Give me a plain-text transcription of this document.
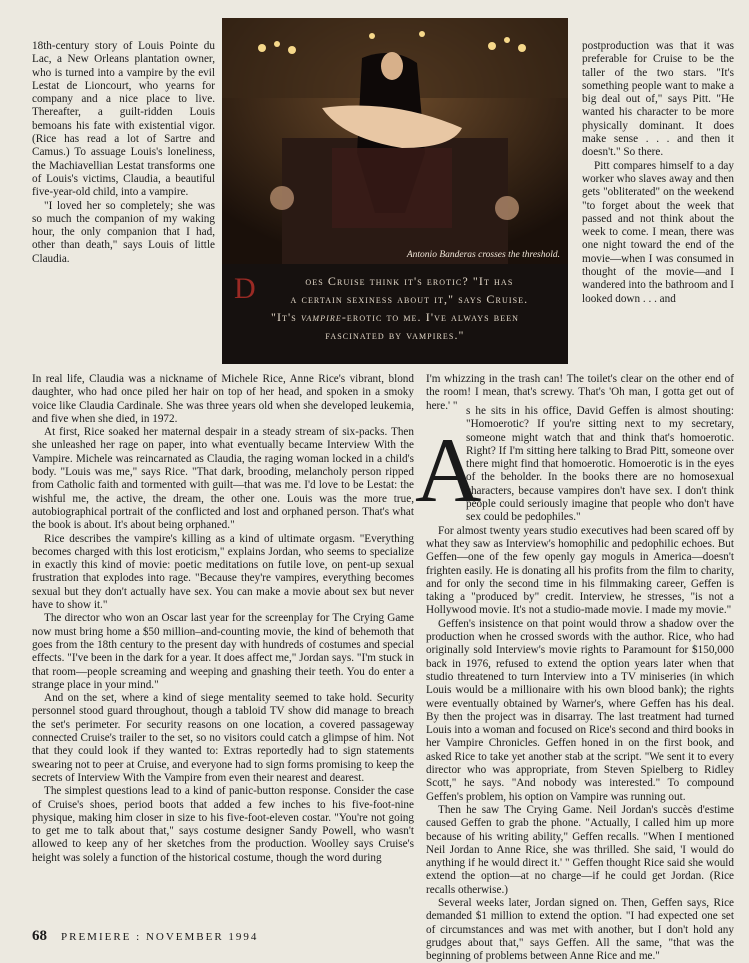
18th-century story of Louis Pointe du Lac, a New Orleans plantation owner, who is turned into a vampire by the evil Lestat de Lioncourt, who yearns for company and a nice place to live. Thereafter, a guilt-ridden Louis bemoans his fate with existential vigor. (Rice has read a lot of Sartre and Camus.) To assuage Louis's loneliness, the Machiavellian Lestat transforms one of Louis's victims, Claudia, a beautiful five-year-old child, into a vampire.

"I loved her so completely; she was so much the companion of my waking hour, the only companion that I had, other than death," says Louis of little Claudia.	Antonio Banderas crosses the threshold.
D	oes Cruise think it's erotic? "It has
a certain sexiness about it," says Cruise.
"It's vampire-erotic to me. I've always been
fascinated by vampires."

postproduction was that it was preferable for Cruise to be the taller of the two stars. "It's something people want to make a big deal out of," says Pitt. "He wanted his character to be more physically dominant. It does make sense . . . and then it doesn't." So there.

Pitt compares himself to a day worker who slaves away and then gets "obliterated" on the weekend "to forget about the week that passed and not think about the week to come. I mean, there was one night toward the end of the movie—when I was consumed in thought of the movie—and I wandered into the bathroom and I looked down . . . and

In real life, Claudia was a nickname of Michele Rice, Anne Rice's vibrant, blond daughter, who had once piled her hair on top of her head, and spoken in a smoky voice like Claudia Cardinale. She was three years old when she developed leukemia, and five when she died, in 1972.

At first, Rice soaked her maternal despair in a steady stream of six-packs. Then she unleashed her rage on paper, into what eventually became Interview With the Vampire. Michele was reincarnated as Claudia, the raging woman locked in a child's body. "Louis was me," says Rice. "That dark, brooding, melancholy person ripped from Catholic faith and tormented with guilt—that was me. I'd love to be Lestat: the wishful me, the active, the dream, the other one. Louis was the more true, autobiographical portrait of the conflicted and lost and orphaned person. That's what the book is about. It's about being orphaned."

Rice describes the vampire's killing as a kind of ultimate orgasm. "Everything becomes charged with this lost eroticism," explains Jordan, who seems to specialize in exactly this kind of movie: poetic meditations on futile love, on pent-up sexual frustration that explodes into rage. "Because they're vampires, everything becomes sexual but they don't actually have sex. You can make a movie about sex but never have to show it."

The director who won an Oscar last year for the screenplay for The Crying Game now must bring home a $50 million–and-counting movie, the kind of behemoth that goes from the 18th century to the present day with hundreds of costumes and special effects. "I've been in the dark for a year. It does affect me," Jordan says. "I'm stuck in that room—people screaming and weeping and gnashing their teeth. You do enter a strange place in your mind."

And on the set, where a kind of siege mentality seemed to take hold. Security personnel stood guard throughout, though a tabloid TV show did manage to breach the set's perimeter. For security reasons on one location, a covered passageway connected Cruise's trailer to the set, so no visitors could catch a glimpse of him. Not that they could look if they wanted to: Extras reportedly had to sign statements swearing not to peer at Cruise, and everyone had to sign forms promising to keep the secrets of Interview With the Vampire from even their nearest and dearest.

The simplest questions lead to a kind of panic-button response. Consider the case of Cruise's shoes, period boots that added a few inches to his five-foot-nine physique, making him closer in size to his five-foot-eleven costar. "You're not going to get me to talk about that," says costume designer Sandy Powell, who wasn't allowed to keep any of her sketches from the production. Woolley says Cruise's height was solely a function of the historical costume, though the word during

I'm whizzing in the trash can! The toilet's clear on the other end of the room! I mean, that's screwy. That's 'Oh man, I gotta get out of here.' "

A

s he sits in his office, David Geffen is almost shouting: "Homoerotic? If you're sitting next to my secretary, someone might watch that and think that's homoerotic. Right? If I'm sitting here talking to Brad Pitt, someone over there might find that homoerotic. Homoerotic is in the eyes of the beholder. In the books there are no homosexual characters, because vampires don't have sex. I don't think people could seriously imagine that people who don't have sex could be pedophiles."

For almost twenty years studio executives had been scared off by what they saw as Interview's homophilic and pedophilic echoes. But Geffen—one of the few openly gay moguls in America—doesn't frighten easily. He is donating all his profits from the film to charity, and for only the second time in his filmmaking career, Geffen is taking a "produced by" credit. Interview, he stresses, "is not a Hollywood movie. It's not a studio-made movie. I made my movie."

Geffen's insistence on that point would throw a shadow over the production when he crossed swords with the author. Rice, who had originally sold Interview's movie rights to Paramount for $150,000 back in 1976, refused to extend the option years later when that studio threatened to turn Interview into a TV miniseries (in which Louis would be a millionaire with his own blood bank); the rights were eventually obtained by Warner's, where Geffen has his deal. By then the project was in disarray. The last treatment had turned Louis into a woman and focused on Rice's second and third books in her Vampire Chronicles. Geffen honed in on the first book, and asked Rice to take yet another stab at the script. "We sent it to every director who was appropriate, from Steven Spielberg to Ridley Scott," he says. "And nobody was interested." To compound Geffen's problem, his option on Vampire was running out.

Then he saw The Crying Game. Neil Jordan's succès d'estime caused Geffen to grab the phone. "Actually, I called him up more because of his writing ability," Geffen recalls. "When I mentioned Neil Jordan to Anne Rice, she was thrilled. She said, 'I would do anything if he would direct it.' " Geffen thought Rice said she would extend the option—at no charge—if he could get Jordan. (Rice recalls otherwise.)

Several weeks later, Jordan signed on. Then, Geffen says, Rice demanded $1 million to extend the option. "I had expected one set of circumstances and was met with another, but I don't hold any grudges about that," says Geffen. All the same, "that was the beginning of problems between Anne Rice and me."

68 PREMIERE : NOVEMBER 1994
